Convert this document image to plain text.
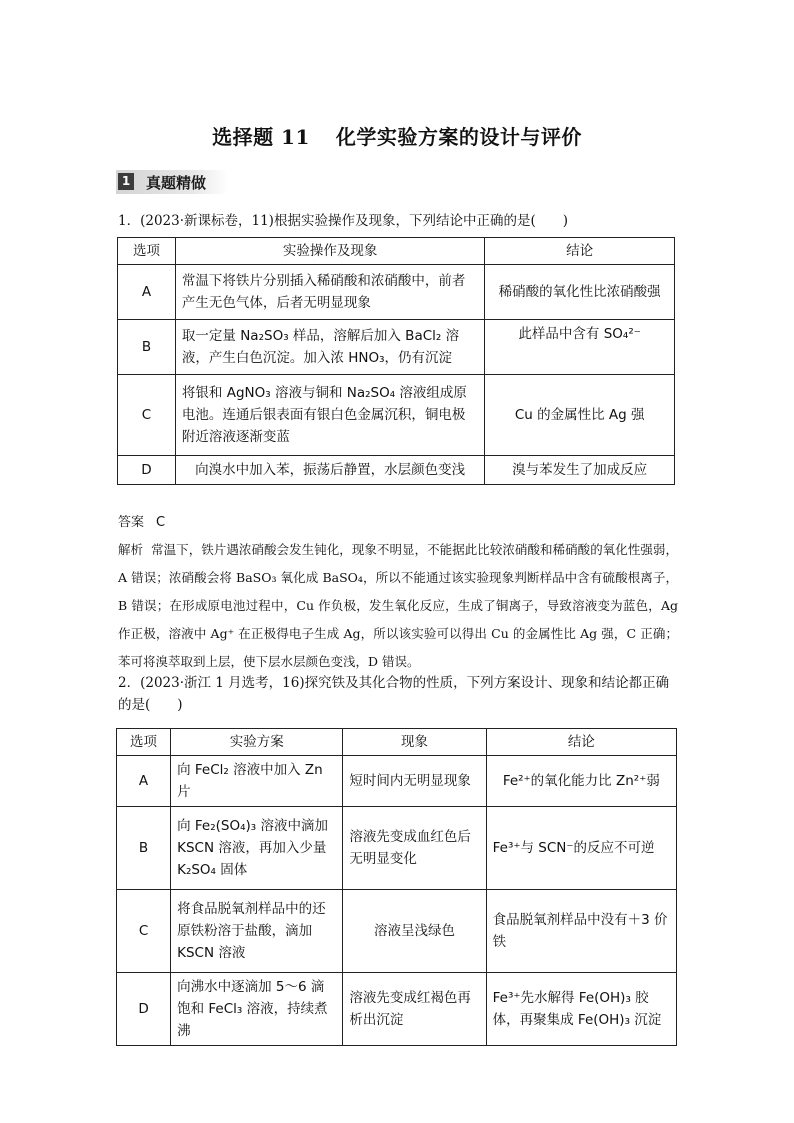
选择题 11 化学实验方案的设计与评价
1 真题精做
1．(2023·新课标卷，11)根据实验操作及现象，下列结论中正确的是(　　)
选项	实验操作及现象	结论
A	常温下将铁片分别插入稀硝酸和浓硝酸中，前者产生无色气体，后者无明显现象	稀硝酸的氧化性比浓硝酸强
B	取一定量 Na₂SO₃ 样品，溶解后加入 BaCl₂ 溶液，产生白色沉淀。加入浓 HNO₃，仍有沉淀	此样品中含有 SO₄²⁻
C	将银和 AgNO₃ 溶液与铜和 Na₂SO₄ 溶液组成原电池。连通后银表面有银白色金属沉积，铜电极附近溶液逐渐变蓝	Cu 的金属性比 Ag 强
D	向溴水中加入苯，振荡后静置，水层颜色变浅	溴与苯发生了加成反应
答案 C
解析 常温下，铁片遇浓硝酸会发生钝化，现象不明显，不能据此比较浓硝酸和稀硝酸的氧化性强弱，A 错误；浓硝酸会将 BaSO₃ 氧化成 BaSO₄，所以不能通过该实验现象判断样品中含有硫酸根离子，B 错误；在形成原电池过程中，Cu 作负极，发生氧化反应，生成了铜离子，导致溶液变为蓝色，Ag 作正极，溶液中 Ag⁺ 在正极得电子生成 Ag，所以该实验可以得出 Cu 的金属性比 Ag 强，C 正确；苯可将溴萃取到上层，使下层水层颜色变浅，D 错误。
2．(2023·浙江 1 月选考，16)探究铁及其化合物的性质，下列方案设计、现象和结论都正确的是(　　)
选项	实验方案	现象	结论
A	向 FeCl₂ 溶液中加入 Zn 片	短时间内无明显现象	Fe²⁺的氧化能力比 Zn²⁺弱
B	向 Fe₂(SO₄)₃ 溶液中滴加 KSCN 溶液，再加入少量 K₂SO₄ 固体	溶液先变成血红色后无明显变化	Fe³⁺与 SCN⁻的反应不可逆
C	将食品脱氧剂样品中的还原铁粉溶于盐酸，滴加 KSCN 溶液	溶液呈浅绿色	食品脱氧剂样品中没有＋3 价铁
D	向沸水中逐滴加 5～6 滴饱和 FeCl₃ 溶液，持续煮沸	溶液先变成红褐色再析出沉淀	Fe³⁺先水解得 Fe(OH)₃ 胶体，再聚集成 Fe(OH)₃ 沉淀
